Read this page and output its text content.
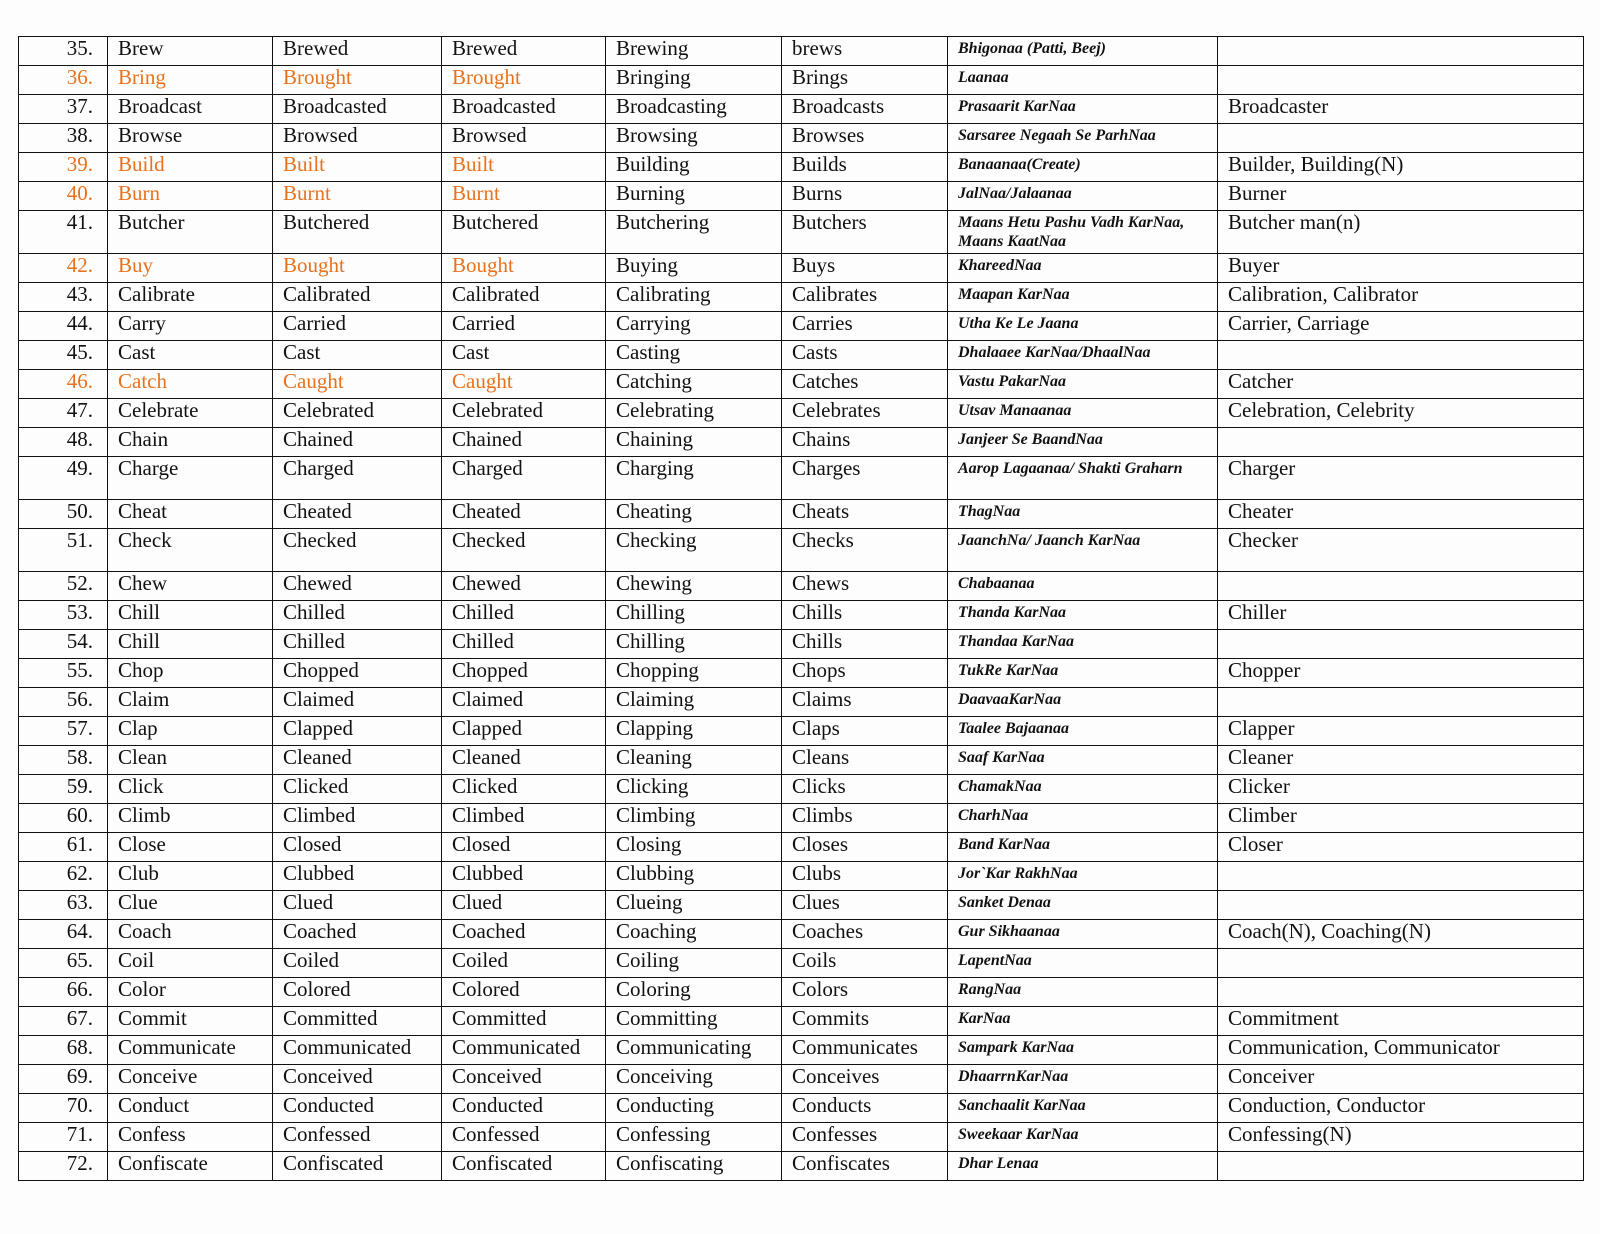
35.	Brew	Brewed	Brewed	Brewing	brews	Bhigonaa (Patti, Beej)	
36.	Bring	Brought	Brought	Bringing	Brings	Laanaa	
37.	Broadcast	Broadcasted	Broadcasted	Broadcasting	Broadcasts	Prasaarit KarNaa	Broadcaster
38.	Browse	Browsed	Browsed	Browsing	Browses	Sarsaree Negaah Se ParhNaa	
39.	Build	Built	Built	Building	Builds	Banaanaa(Create)	Builder, Building(N)
40.	Burn	Burnt	Burnt	Burning	Burns	JalNaa/Jalaanaa	Burner
41.	Butcher	Butchered	Butchered	Butchering	Butchers	Maans Hetu Pashu Vadh KarNaa, Maans KaatNaa	Butcher man(n)
42.	Buy	Bought	Bought	Buying	Buys	KhareedNaa	Buyer
43.	Calibrate	Calibrated	Calibrated	Calibrating	Calibrates	Maapan KarNaa	Calibration, Calibrator
44.	Carry	Carried	Carried	Carrying	Carries	Utha Ke Le Jaana	Carrier, Carriage
45.	Cast	Cast	Cast	Casting	Casts	Dhalaaee KarNaa/DhaalNaa	
46.	Catch	Caught	Caught	Catching	Catches	Vastu PakarNaa	Catcher
47.	Celebrate	Celebrated	Celebrated	Celebrating	Celebrates	Utsav Manaanaa	Celebration, Celebrity
48.	Chain	Chained	Chained	Chaining	Chains	Janjeer Se BaandNaa	
49.	Charge	Charged	Charged	Charging	Charges	Aarop Lagaanaa/ Shakti Graharn	Charger
50.	Cheat	Cheated	Cheated	Cheating	Cheats	ThagNaa	Cheater
51.	Check	Checked	Checked	Checking	Checks	JaanchNa/ Jaanch KarNaa	Checker
52.	Chew	Chewed	Chewed	Chewing	Chews	Chabaanaa	
53.	Chill	Chilled	Chilled	Chilling	Chills	Thanda KarNaa	Chiller
54.	Chill	Chilled	Chilled	Chilling	Chills	Thandaa KarNaa	
55.	Chop	Chopped	Chopped	Chopping	Chops	TukRe KarNaa	Chopper
56.	Claim	Claimed	Claimed	Claiming	Claims	DaavaaKarNaa	
57.	Clap	Clapped	Clapped	Clapping	Claps	Taalee Bajaanaa	Clapper
58.	Clean	Cleaned	Cleaned	Cleaning	Cleans	Saaf KarNaa	Cleaner
59.	Click	Clicked	Clicked	Clicking	Clicks	ChamakNaa	Clicker
60.	Climb	Climbed	Climbed	Climbing	Climbs	CharhNaa	Climber
61.	Close	Closed	Closed	Closing	Closes	Band KarNaa	Closer
62.	Club	Clubbed	Clubbed	Clubbing	Clubs	Jor`Kar RakhNaa	
63.	Clue	Clued	Clued	Clueing	Clues	Sanket Denaa	
64.	Coach	Coached	Coached	Coaching	Coaches	Gur Sikhaanaa	Coach(N), Coaching(N)
65.	Coil	Coiled	Coiled	Coiling	Coils	LapentNaa	
66.	Color	Colored	Colored	Coloring	Colors	RangNaa	
67.	Commit	Committed	Committed	Committing	Commits	KarNaa	Commitment
68.	Communicate	Communicated	Communicated	Communicating	Communicates	Sampark KarNaa	Communication, Communicator
69.	Conceive	Conceived	Conceived	Conceiving	Conceives	DhaarrnKarNaa	Conceiver
70.	Conduct	Conducted	Conducted	Conducting	Conducts	Sanchaalit KarNaa	Conduction, Conductor
71.	Confess	Confessed	Confessed	Confessing	Confesses	Sweekaar KarNaa	Confessing(N)
72.	Confiscate	Confiscated	Confiscated	Confiscating	Confiscates	Dhar Lenaa	
